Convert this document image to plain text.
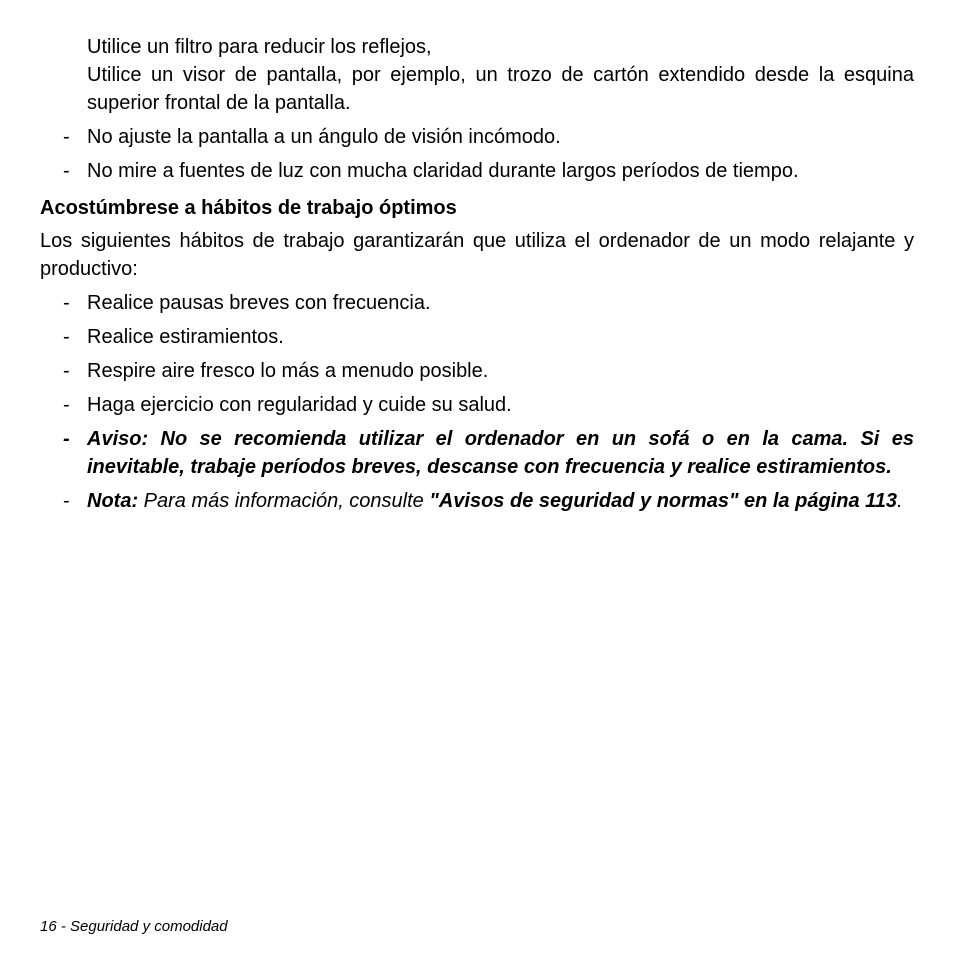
Utilice un filtro para reducir los reflejos,
Utilice un visor de pantalla, por ejemplo, un trozo de cartón extendido desde la esquina superior frontal de la pantalla.
- No ajuste la pantalla a un ángulo de visión incómodo.
- No mire a fuentes de luz con mucha claridad durante largos períodos de tiempo.
Acostúmbrese a hábitos de trabajo óptimos
Los siguientes hábitos de trabajo garantizarán que utiliza el ordenador de un modo relajante y productivo:
- Realice pausas breves con frecuencia.
- Realice estiramientos.
- Respire aire fresco lo más a menudo posible.
- Haga ejercicio con regularidad y cuide su salud.
- Aviso: No se recomienda utilizar el ordenador en un sofá o en la cama. Si es inevitable, trabaje períodos breves, descanse con frecuencia y realice estiramientos.
- Nota: Para más información, consulte "Avisos de seguridad y normas" en la página 113.
16 - Seguridad y comodidad
